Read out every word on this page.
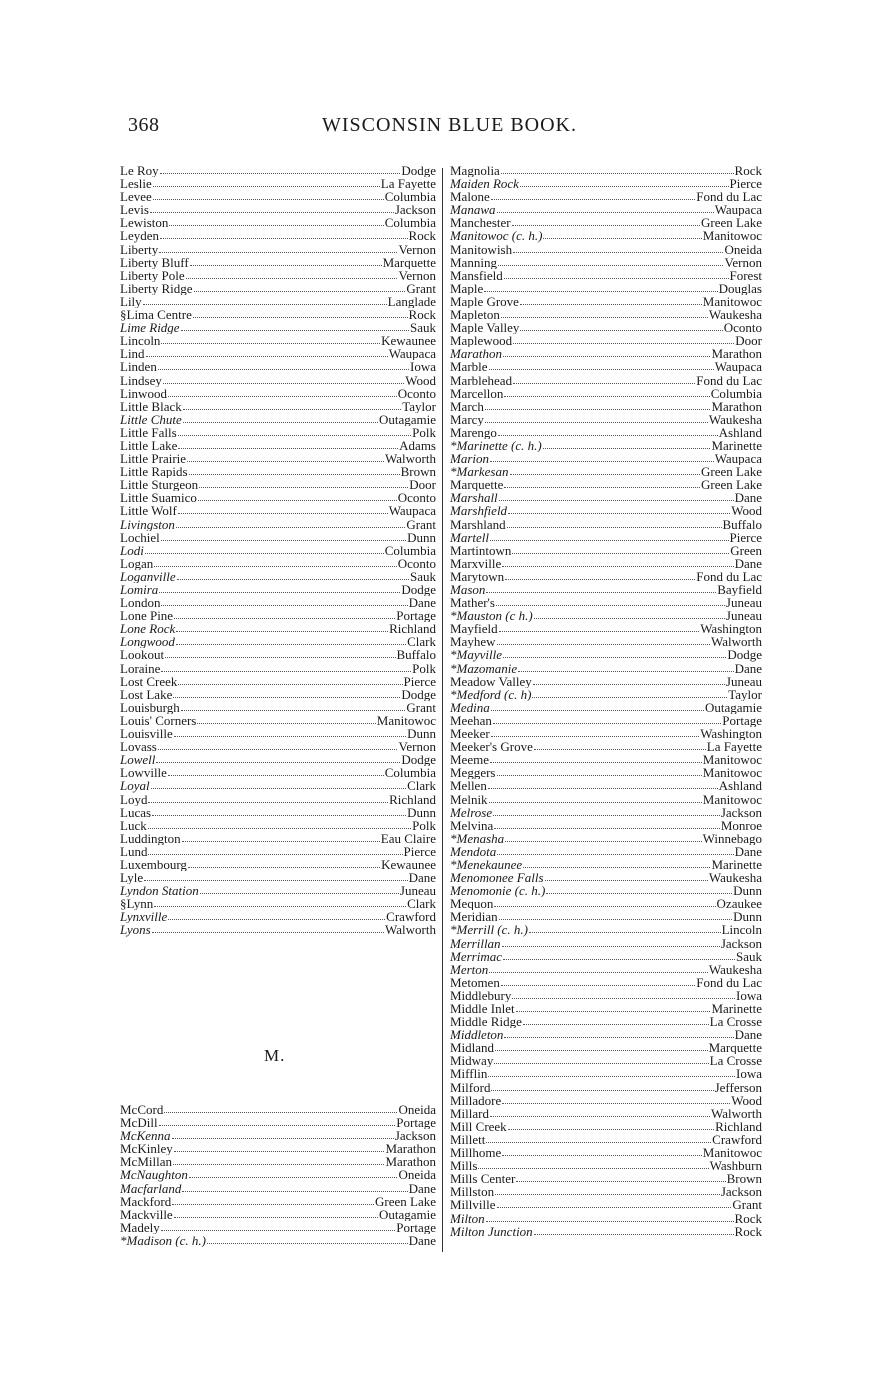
368	WISCONSIN BLUE BOOK.
Le Roy	Dodge
Leslie	La Fayette
Levee	Columbia
Levis	Jackson
Lewiston	Columbia
Leyden	Rock
Liberty	Vernon
Liberty Bluff	Marquette
Liberty Pole	Vernon
Liberty Ridge	Grant
Lily	Langlade
§Lima Centre	Rock
Lime Ridge	Sauk
Lincoln	Kewaunee
Lind	Waupaca
Linden	Iowa
Lindsey	Wood
Linwood	Oconto
Little Black	Taylor
Little Chute	Outagamie
Little Falls	Polk
Little Lake	Adams
Little Prairie	Walworth
Little Rapids	Brown
Little Sturgeon	Door
Little Suamico	Oconto
Little Wolf	Waupaca
Livingston	Grant
Lochiel	Dunn
Lodi	Columbia
Logan	Oconto
Loganville	Sauk
Lomira	Dodge
London	Dane
Lone Pine	Portage
Lone Rock	Richland
Longwood	Clark
Lookout	Buffalo
Loraine	Polk
Lost Creek	Pierce
Lost Lake	Dodge
Louisburgh	Grant
Louis' Corners	Manitowoc
Louisville	Dunn
Lovass	Vernon
Lowell	Dodge
Lowville	Columbia
Loyal	Clark
Loyd	Richland
Lucas	Dunn
Luck	Polk
Luddington	Eau Claire
Lund	Pierce
Luxembourg	Kewaunee
Lyle	Dane
Lyndon Station	Juneau
§Lynn	Clark
Lynxville	Crawford
Lyons	Walworth
Magnolia	Rock
Maiden Rock	Pierce
Malone	Fond du Lac
Manawa	Waupaca
Manchester	Green Lake
Manitowoc (c. h.)	Manitowoc
Manitowish	Oneida
Manning	Vernon
Mansfield	Forest
Maple	Douglas
Maple Grove	Manitowoc
Mapleton	Waukesha
Maple Valley	Oconto
Maplewood	Door
Marathon	Marathon
Marble	Waupaca
Marblehead	Fond du Lac
Marcellon	Columbia
March	Marathon
Marcy	Waukesha
Marengo	Ashland
*Marinette (c. h.)	Marinette
Marion	Waupaca
*Markesan	Green Lake
Marquette	Green Lake
Marshall	Dane
Marshfield	Wood
Marshland	Buffalo
Martell	Pierce
Martintown	Green
Marxville	Dane
Marytown	Fond du Lac
Mason	Bayfield
Mather's	Juneau
*Mauston (c h.)	Juneau
Mayfield	Washington
Mayhew	Walworth
*Mayville	Dodge
*Mazomanie	Dane
Meadow Valley	Juneau
*Medford (c. h)	Taylor
Medina	Outagamie
Meehan	Portage
Meeker	Washington
Meeker's Grove	La Fayette
Meeme	Manitowoc
Meggers	Manitowoc
Mellen	Ashland
Melnik	Manitowoc
Melrose	Jackson
Melvina	Monroe
*Menasha	Winnebago
Mendota	Dane
*Menekaunee	Marinette
Menomonee Falls	Waukesha
Menomonie (c. h.)	Dunn
Mequon	Ozaukee
Meridian	Dunn
*Merrill (c. h.)	Lincoln
Merrillan	Jackson
Merrimac	Sauk
Merton	Waukesha
Metomen	Fond du Lac
Middlebury	Iowa
Middle Inlet	Marinette
Middle Ridge	La Crosse
Middleton	Dane
Midland	Marquette
Midway	La Crosse
Mifflin	Iowa
Milford	Jefferson
Milladore	Wood
Millard	Walworth
Mill Creek	Richland
Millett	Crawford
Millhome	Manitowoc
Mills	Washburn
Mills Center	Brown
Millston	Jackson
Millville	Grant
Milton	Rock
Milton Junction	Rock
M.
McCord	Oneida
McDill	Portage
McKenna	Jackson
McKinley	Marathon
McMillan	Marathon
McNaughton	Oneida
Macfarland	Dane
Mackford	Green Lake
Mackville	Outagamie
Madely	Portage
*Madison (c. h.)	Dane
